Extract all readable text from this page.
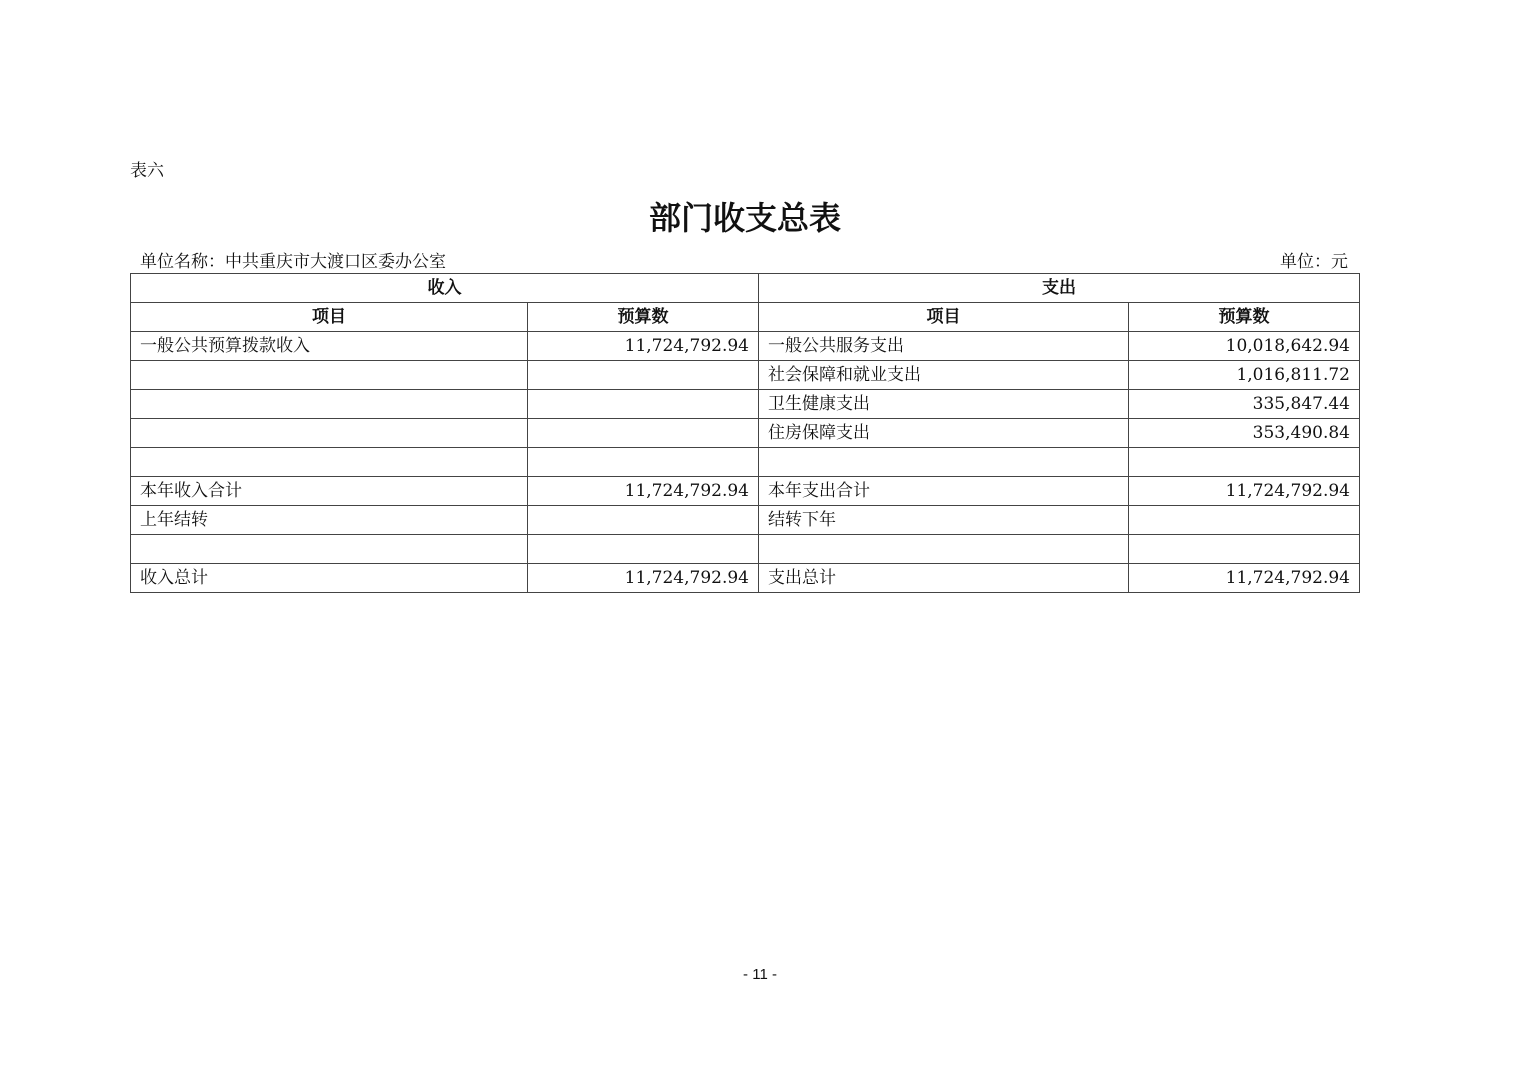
表六
部门收支总表
单位名称：中共重庆市大渡口区委办公室	单位：元
收入		支出	
项目	预算数	项目	预算数
一般公共预算拨款收入	11,724,792.94	一般公共服务支出	10,018,642.94
		社会保障和就业支出	1,016,811.72
		卫生健康支出	335,847.44
		住房保障支出	353,490.84

本年收入合计	11,724,792.94	本年支出合计	11,724,792.94
上年结转		结转下年	

收入总计	11,724,792.94	支出总计	11,724,792.94
- 11 -
